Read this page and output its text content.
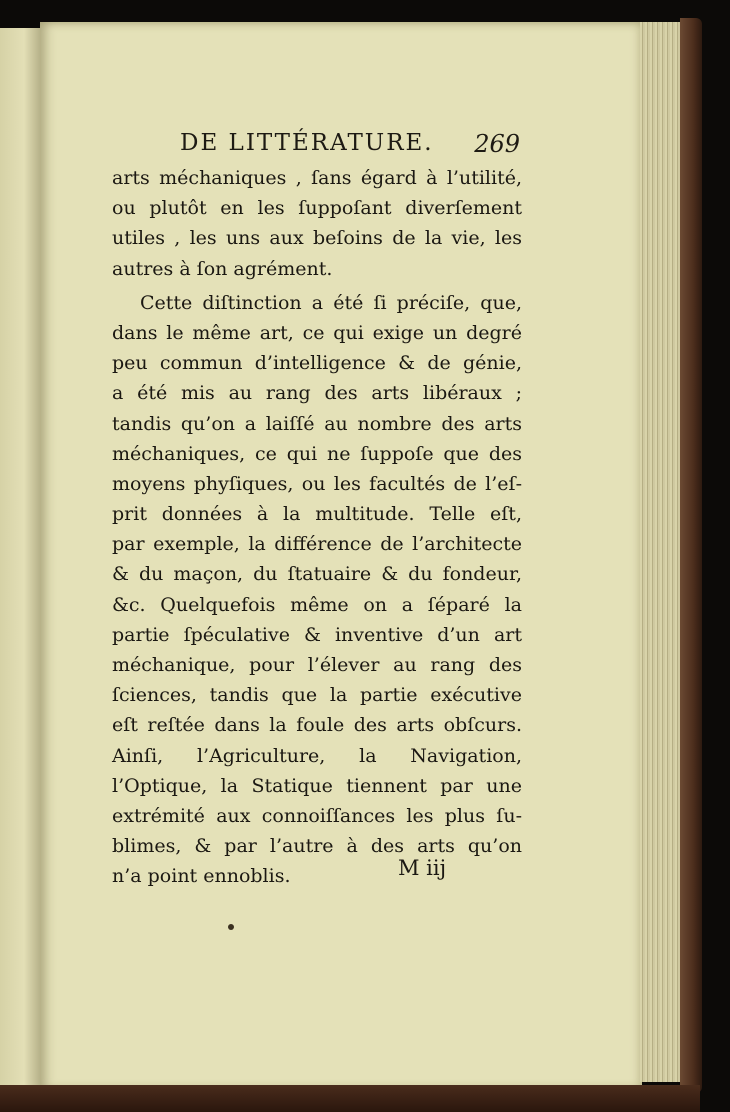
DE LITTÉRATURE. 269
arts méchaniques , ſans égard à l’utilité,
ou plutôt en les ſuppoſant diverſement
utiles , les uns aux beſoins de la vie, les
autres à ſon agrément.
Cette diſtinction a été ſi préciſe, que,
dans le même art, ce qui exige un degré
peu commun d’intelligence & de génie,
a été mis au rang des arts libéraux ;
tandis qu’on a laiſſé au nombre des arts
méchaniques, ce qui ne ſuppoſe que des
moyens phyſiques, ou les facultés de l’eſ-
prit données à la multitude. Telle eſt,
par exemple, la différence de l’architecte
& du maçon, du ſtatuaire & du fondeur,
&c. Quelquefois même on a ſéparé la
partie ſpéculative & inventive d’un art
méchanique, pour l’élever au rang des
ſciences, tandis que la partie exécutive
eſt reſtée dans la foule des arts obſcurs.
Ainſi, l’Agriculture, la Navigation,
l’Optique, la Statique tiennent par une
extrémité aux connoiſſances les plus ſu-
blimes, & par l’autre à des arts qu’on
n’a point ennoblis.	M iij
